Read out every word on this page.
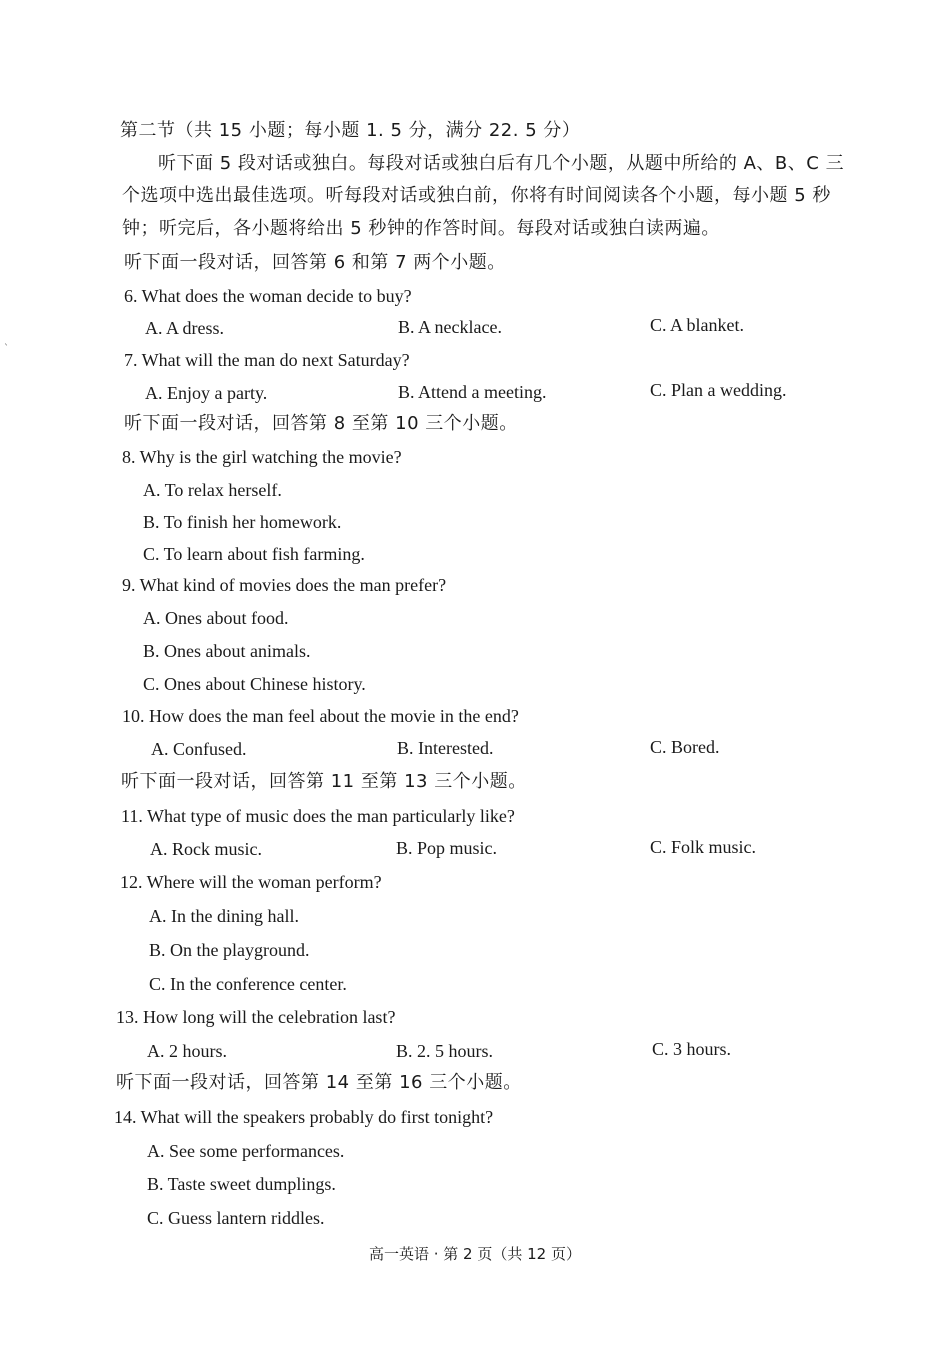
`
第二节（共 15 小题；每小题 1. 5 分，满分 22. 5 分）
听下面 5 段对话或独白。每段对话或独白后有几个小题，从题中所给的 A、B、C 三
个选项中选出最佳选项。听每段对话或独白前，你将有时间阅读各个小题，每小题 5 秒
钟；听完后，各小题将给出 5 秒钟的作答时间。每段对话或独白读两遍。
听下面一段对话，回答第 6 和第 7 两个小题。
6. What does the woman decide to buy?
A. A dress.	B. A necklace.	C. A blanket.
7. What will the man do next Saturday?
A. Enjoy a party.	B. Attend a meeting.	C. Plan a wedding.
听下面一段对话，回答第 8 至第 10 三个小题。
8. Why is the girl watching the movie?
A. To relax herself.
B. To finish her homework.
C. To learn about fish farming.
9. What kind of movies does the man prefer?
A. Ones about food.
B. Ones about animals.
C. Ones about Chinese history.
10. How does the man feel about the movie in the end?
A. Confused.	B. Interested.	C. Bored.
听下面一段对话，回答第 11 至第 13 三个小题。
11. What type of music does the man particularly like?
A. Rock music.	B. Pop music.	C. Folk music.
12. Where will the woman perform?
A. In the dining hall.
B. On the playground.
C. In the conference center.
13. How long will the celebration last?
A. 2 hours.	B. 2. 5 hours.	C. 3 hours.
听下面一段对话，回答第 14 至第 16 三个小题。
14. What will the speakers probably do first tonight?
A. See some performances.
B. Taste sweet dumplings.
C. Guess lantern riddles.
高一英语 · 第 2 页（共 12 页）
